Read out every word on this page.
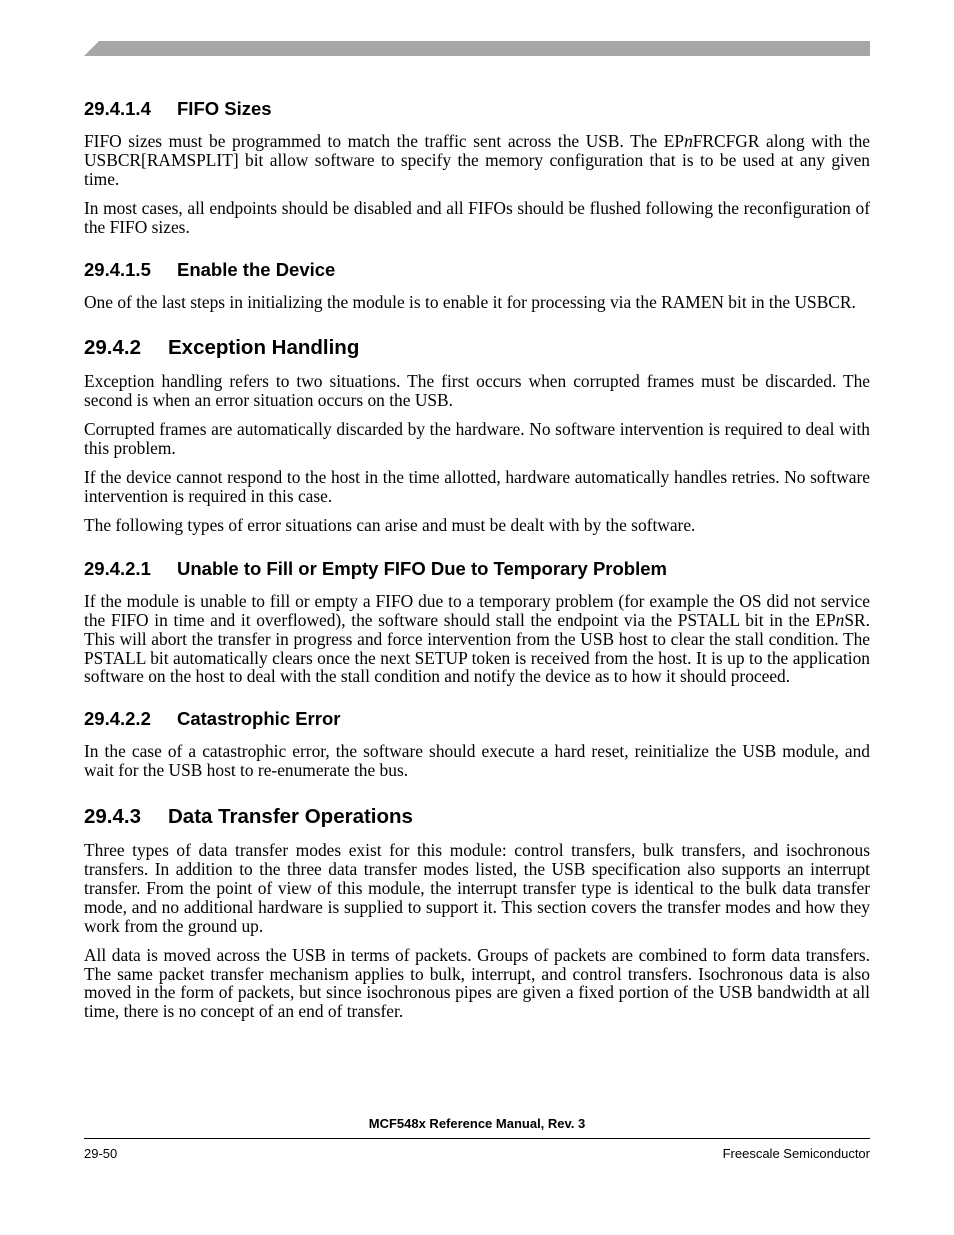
29.4.1.4 FIFO Sizes

FIFO sizes must be programmed to match the traffic sent across the USB. The EPnFRCFGR along with the USBCR[RAMSPLIT] bit allow software to specify the memory configuration that is to be used at any given time.

In most cases, all endpoints should be disabled and all FIFOs should be flushed following the reconfiguration of the FIFO sizes.

29.4.1.5 Enable the Device

One of the last steps in initializing the module is to enable it for processing via the RAMEN bit in the USBCR.

29.4.2 Exception Handling

Exception handling refers to two situations. The first occurs when corrupted frames must be discarded. The second is when an error situation occurs on the USB.

Corrupted frames are automatically discarded by the hardware. No software intervention is required to deal with this problem.

If the device cannot respond to the host in the time allotted, hardware automatically handles retries. No software intervention is required in this case.

The following types of error situations can arise and must be dealt with by the software.

29.4.2.1 Unable to Fill or Empty FIFO Due to Temporary Problem

If the module is unable to fill or empty a FIFO due to a temporary problem (for example the OS did not service the FIFO in time and it overflowed), the software should stall the endpoint via the PSTALL bit in the EPnSR. This will abort the transfer in progress and force intervention from the USB host to clear the stall condition. The PSTALL bit automatically clears once the next SETUP token is received from the host. It is up to the application software on the host to deal with the stall condition and notify the device as to how it should proceed.

29.4.2.2 Catastrophic Error

In the case of a catastrophic error, the software should execute a hard reset, reinitialize the USB module, and wait for the USB host to re-enumerate the bus.

29.4.3 Data Transfer Operations

Three types of data transfer modes exist for this module: control transfers, bulk transfers, and isochronous transfers. In addition to the three data transfer modes listed, the USB specification also supports an interrupt transfer. From the point of view of this module, the interrupt transfer type is identical to the bulk data transfer mode, and no additional hardware is supplied to support it. This section covers the transfer modes and how they work from the ground up.

All data is moved across the USB in terms of packets. Groups of packets are combined to form data transfers. The same packet transfer mechanism applies to bulk, interrupt, and control transfers. Isochronous data is also moved in the form of packets, but since isochronous pipes are given a fixed portion of the USB bandwidth at all time, there is no concept of an end of transfer.

MCF548x Reference Manual, Rev. 3
29-50	Freescale Semiconductor
